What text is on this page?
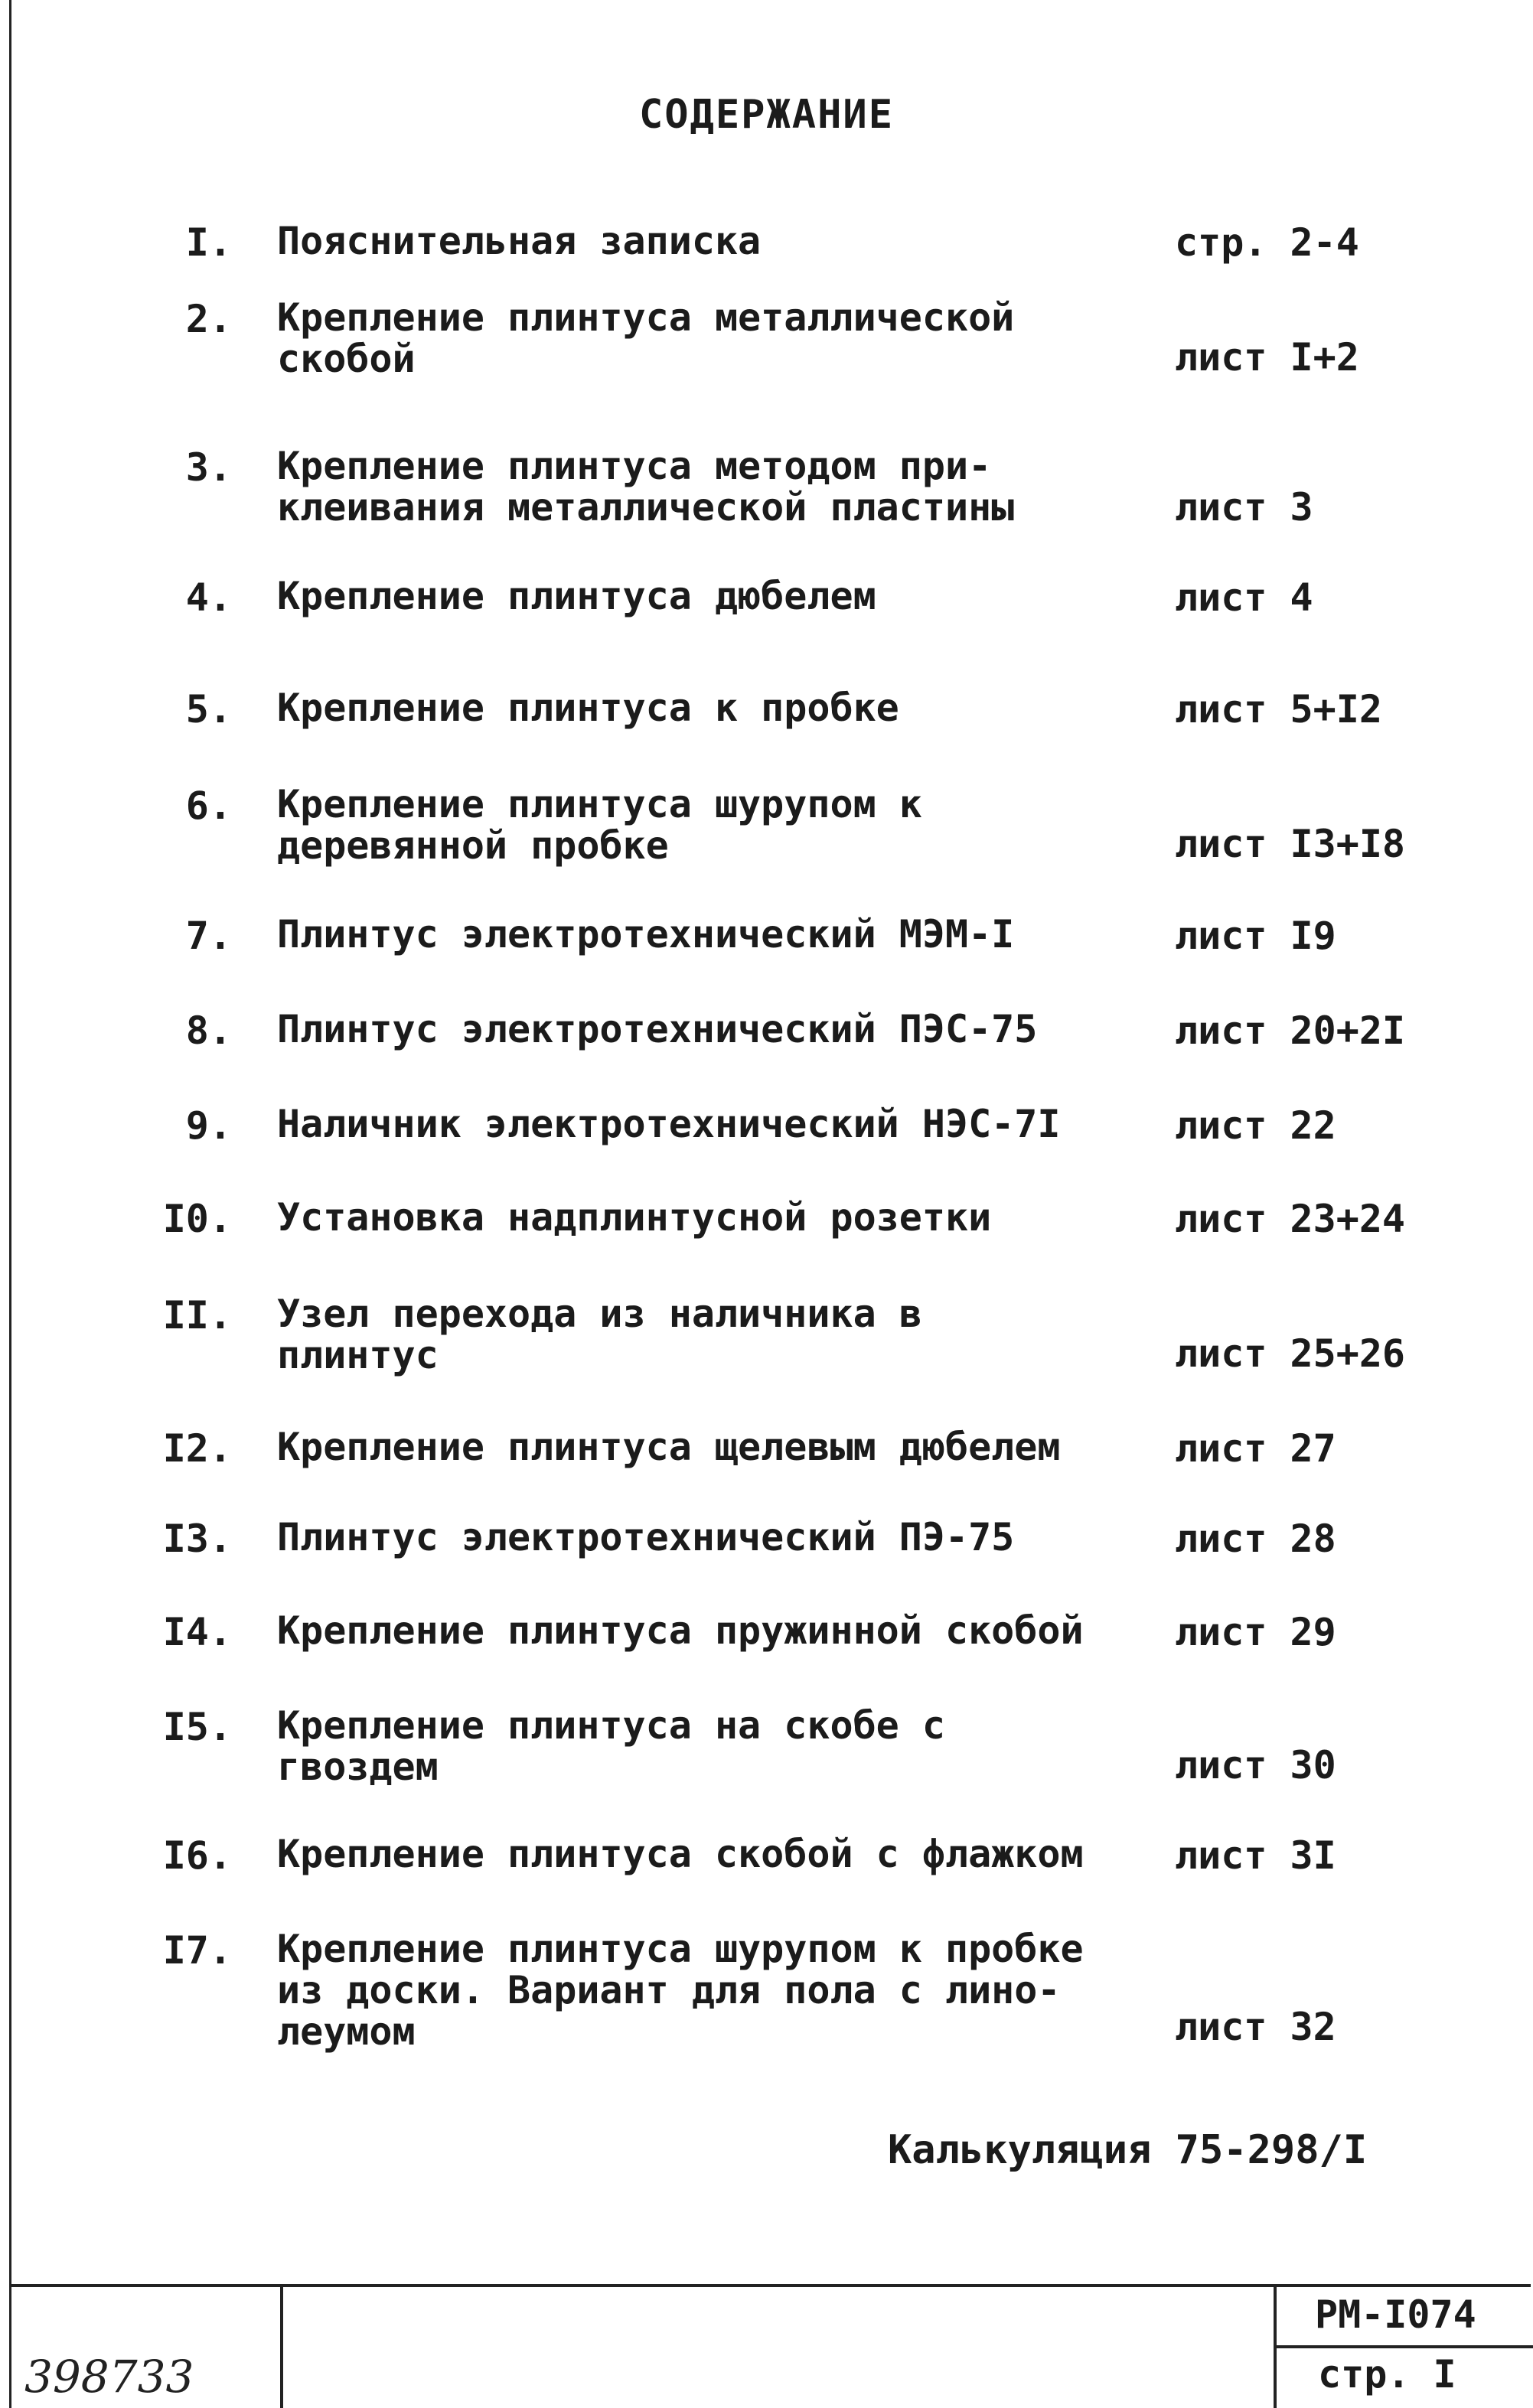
СОДЕРЖАНИЕ
I. Пояснительная записка	стр. 2-4
2. Крепление плинтуса металлической
скобой	лист I+2
3. Крепление плинтуса методом при-
клеивания металлической пластины	лист 3
4. Крепление плинтуса дюбелем	лист 4
5. Крепление плинтуса к пробке	лист 5+I2
6. Крепление плинтуса шурупом к
деревянной пробке	лист I3+I8
7. Плинтус электротехнический МЭМ-I	лист I9
8. Плинтус электротехнический ПЭС-75	лист 20+2I
9. Наличник электротехнический НЭС-7I	лист 22
I0. Установка надплинтусной розетки	лист 23+24
II. Узел перехода из наличника в
плинтус	лист 25+26
I2. Крепление плинтуса щелевым дюбелем	лист 27
I3. Плинтус электротехнический ПЭ-75	лист 28
I4. Крепление плинтуса пружинной скобой лист 29
I5. Крепление плинтуса на скобе с
гвоздем	лист 30
I6. Крепление плинтуса скобой с флажком лист 3I
I7. Крепление плинтуса шурупом к пробке
из доски. Вариант для пола с лино-
леумом	лист 32
Калькуляция 75-298/I
РМ-I074
стр. I
398733
